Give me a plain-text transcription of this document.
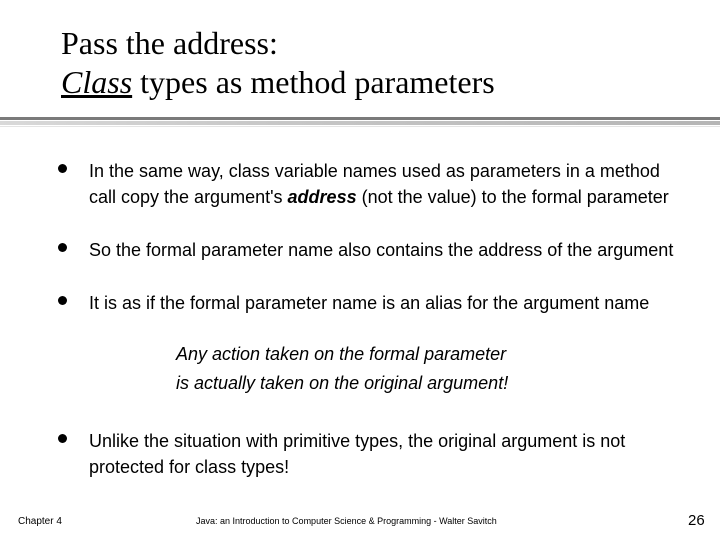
Pass the address:
Class types as method parameters
In the same way, class variable names used as parameters in a method call copy the argument's address (not the value) to the formal parameter
So the formal parameter name also contains the address of the argument
It is as if the formal parameter name is an alias for the argument name
Any action taken on the formal parameter
is actually taken on the original argument!
Unlike the situation with primitive types, the original argument is not protected for class types!
Chapter 4	Java: an Introduction to Computer Science & Programming - Walter Savitch	26
